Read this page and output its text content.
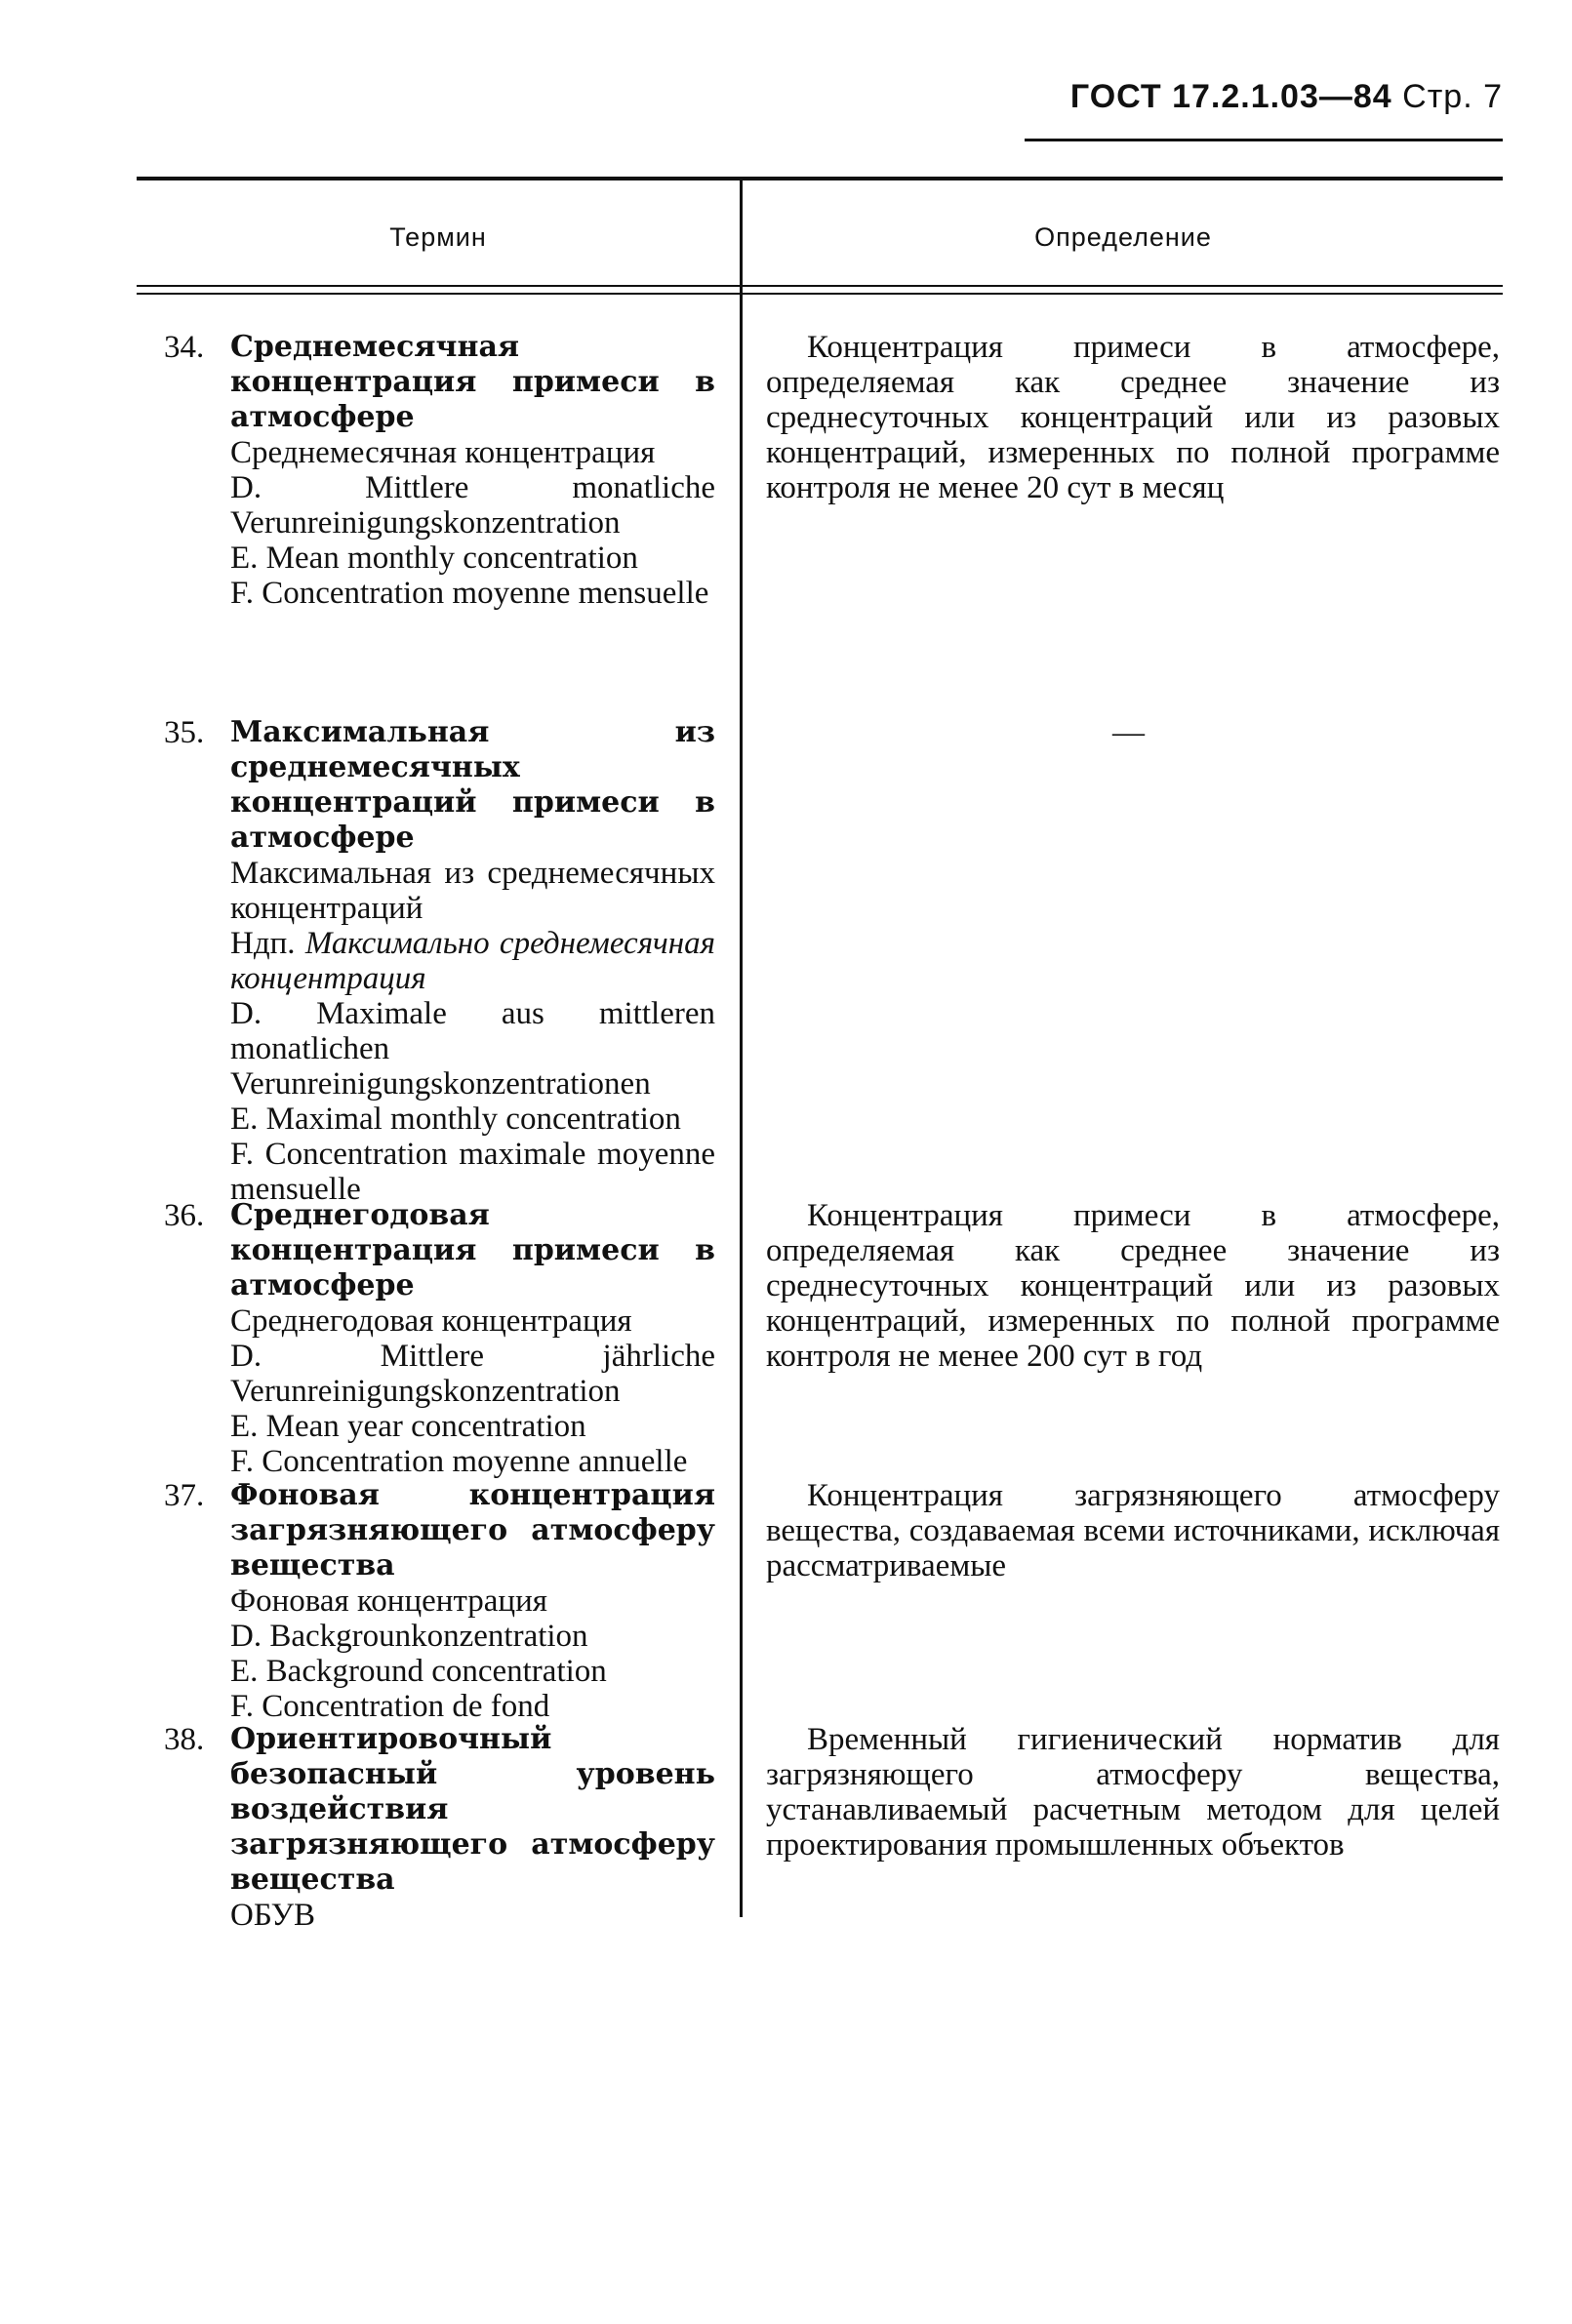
ГОСТ 17.2.1.03—84 Стр. 7
Термин	Определение
34. Среднемесячная концентрация примеси в атмосфере
Среднемесячная концентрация
D. Mittlere monatliche Verunreinigungskonzentration
E. Mean monthly concentration
F. Concentration moyenne mensuelle
Концентрация примеси в атмосфере, определяемая как среднее значение из среднесуточных концентраций или из разовых концентраций, измеренных по полной программе контроля не менее 20 сут в месяц
35. Максимальная из среднемесячных концентраций примеси в атмосфере
Максимальная из среднемесячных концентраций
Ндп. Максимально среднемесячная концентрация
D. Maximale aus mittleren monatlichen Verunreinigungskonzentrationen
E. Maximal monthly concentration
F. Concentration maximale moyenne mensuelle
—
36. Среднегодовая концентрация примеси в атмосфере
Среднегодовая концентрация
D. Mittlere jährliche Verunreinigungskonzentration
E. Mean year concentration
F. Concentration moyenne annuelle
Концентрация примеси в атмосфере, определяемая как среднее значение из среднесуточных концентраций или из разовых концентраций, измеренных по полной программе контроля не менее 200 сут в год
37. Фоновая концентрация загрязняющего атмосферу вещества
Фоновая концентрация
D. Backgrounkonzentration
E. Background concentration
F. Concentration de fond
Концентрация загрязняющего атмосферу вещества, создаваемая всеми источниками, исключая рассматриваемые
38. Ориентировочный безопасный уровень воздействия загрязняющего атмосферу вещества
ОБУВ
Временный гигиенический норматив для загрязняющего атмосферу вещества, устанавливаемый расчетным методом для целей проектирования промышленных объектов
